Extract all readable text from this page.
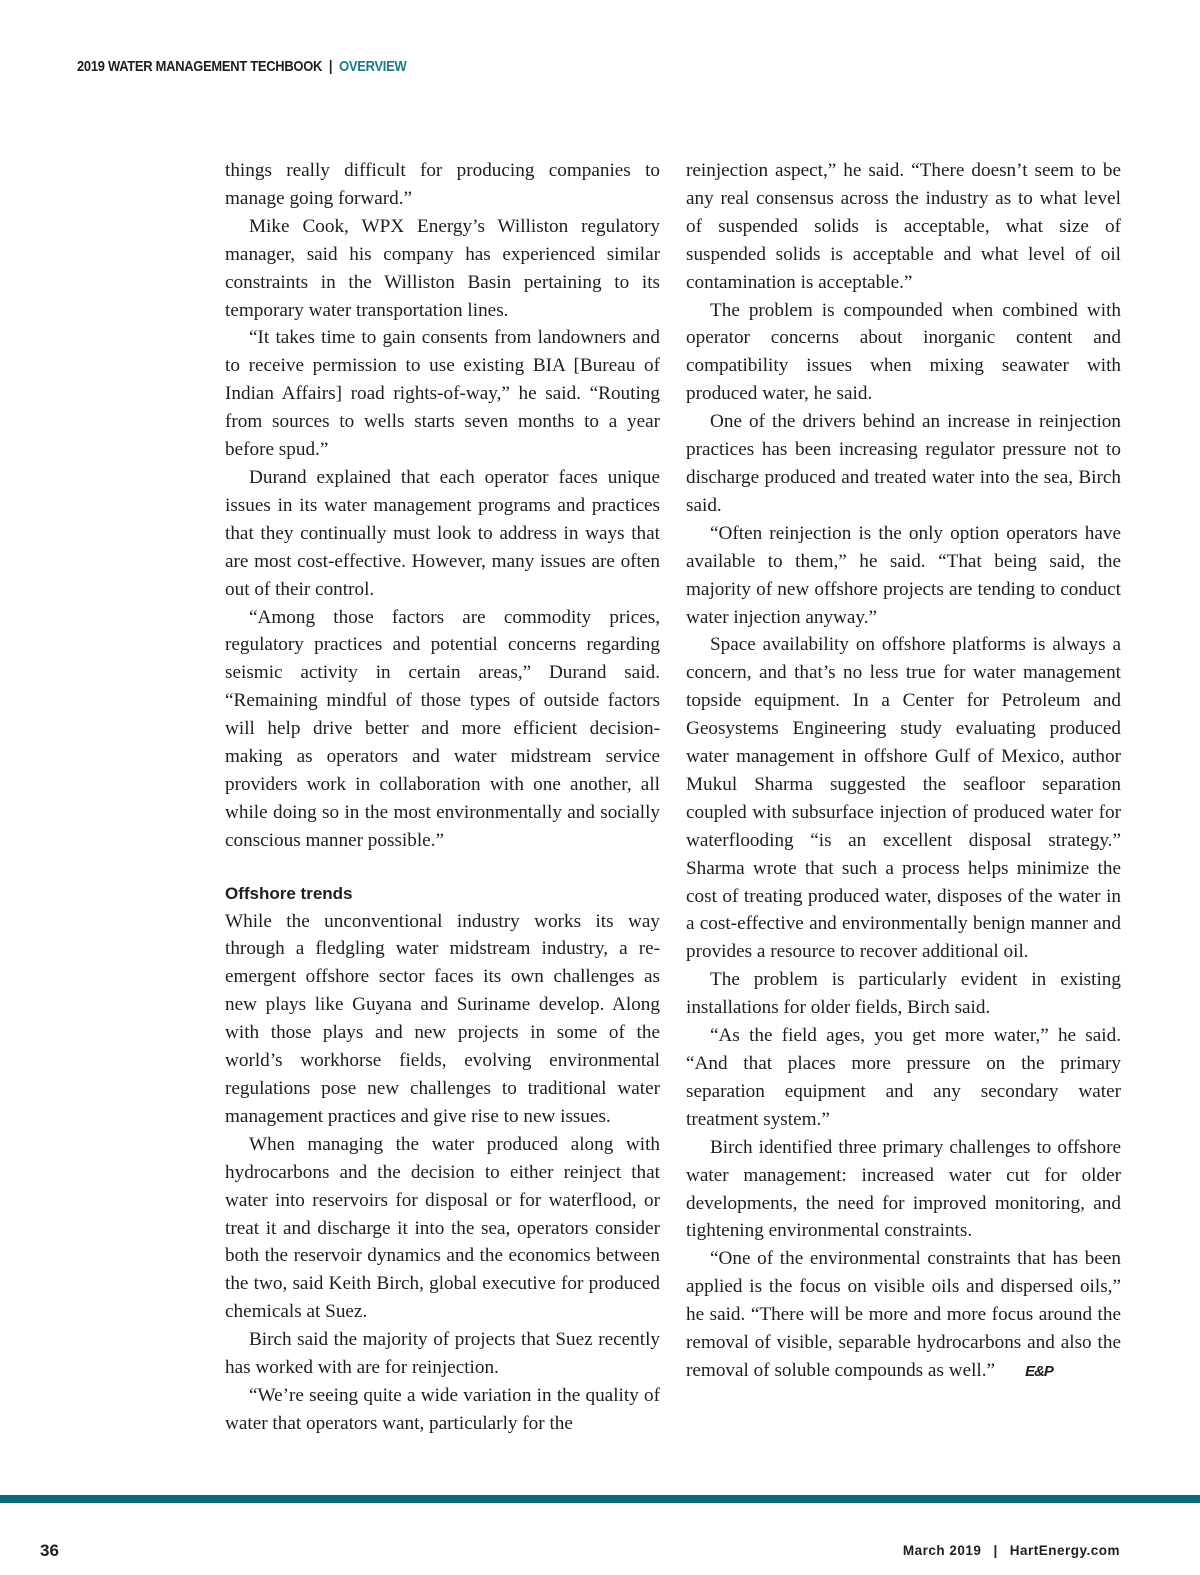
2019 WATER MANAGEMENT TECHBOOK | OVERVIEW

things really difficult for producing companies to manage going forward.”

Mike Cook, WPX Energy’s Williston regulatory manager, said his company has experienced similar constraints in the Williston Basin pertaining to its temporary water transportation lines.

“It takes time to gain consents from landowners and to receive permission to use existing BIA [Bureau of Indian Affairs] road rights-of-way,” he said. “Routing from sources to wells starts seven months to a year before spud.”

Durand explained that each operator faces unique issues in its water management programs and practices that they continually must look to address in ways that are most cost-effective. However, many issues are often out of their control.

“Among those factors are commodity prices, regulatory practices and potential concerns regarding seismic activity in certain areas,” Durand said. “Remaining mindful of those types of outside factors will help drive better and more efficient decision-making as operators and water midstream service providers work in collaboration with one another, all while doing so in the most environmentally and socially conscious manner possible.”

Offshore trends

While the unconventional industry works its way through a fledgling water midstream industry, a re-emergent offshore sector faces its own challenges as new plays like Guyana and Suriname develop. Along with those plays and new projects in some of the world’s workhorse fields, evolving environmental regulations pose new challenges to traditional water management practices and give rise to new issues.

When managing the water produced along with hydrocarbons and the decision to either reinject that water into reservoirs for disposal or for waterflood, or treat it and discharge it into the sea, operators consider both the reservoir dynamics and the economics between the two, said Keith Birch, global executive for produced chemicals at Suez.

Birch said the majority of projects that Suez recently has worked with are for reinjection.

“We’re seeing quite a wide variation in the quality of water that operators want, particularly for the

reinjection aspect,” he said. “There doesn’t seem to be any real consensus across the industry as to what level of suspended solids is acceptable, what size of suspended solids is acceptable and what level of oil contamination is acceptable.”

The problem is compounded when combined with operator concerns about inorganic content and compatibility issues when mixing seawater with produced water, he said.

One of the drivers behind an increase in reinjection practices has been increasing regulator pressure not to discharge produced and treated water into the sea, Birch said.

“Often reinjection is the only option operators have available to them,” he said. “That being said, the majority of new offshore projects are tending to conduct water injection anyway.”

Space availability on offshore platforms is always a concern, and that’s no less true for water management topside equipment. In a Center for Petroleum and Geosystems Engineering study evaluating produced water management in offshore Gulf of Mexico, author Mukul Sharma suggested the seafloor separation coupled with subsurface injection of produced water for waterflooding “is an excellent disposal strategy.” Sharma wrote that such a process helps minimize the cost of treating produced water, disposes of the water in a cost-effective and environmentally benign manner and provides a resource to recover additional oil.

The problem is particularly evident in existing installations for older fields, Birch said.

“As the field ages, you get more water,” he said. “And that places more pressure on the primary separation equipment and any secondary water treatment system.”

Birch identified three primary challenges to offshore water management: increased water cut for older developments, the need for improved monitoring, and tightening environmental constraints.

“One of the environmental constraints that has been applied is the focus on visible oils and dispersed oils,” he said. “There will be more and more focus around the removal of visible, separable hydrocarbons and also the removal of soluble compounds as well.” E&P

36	March 2019 | HartEnergy.com
